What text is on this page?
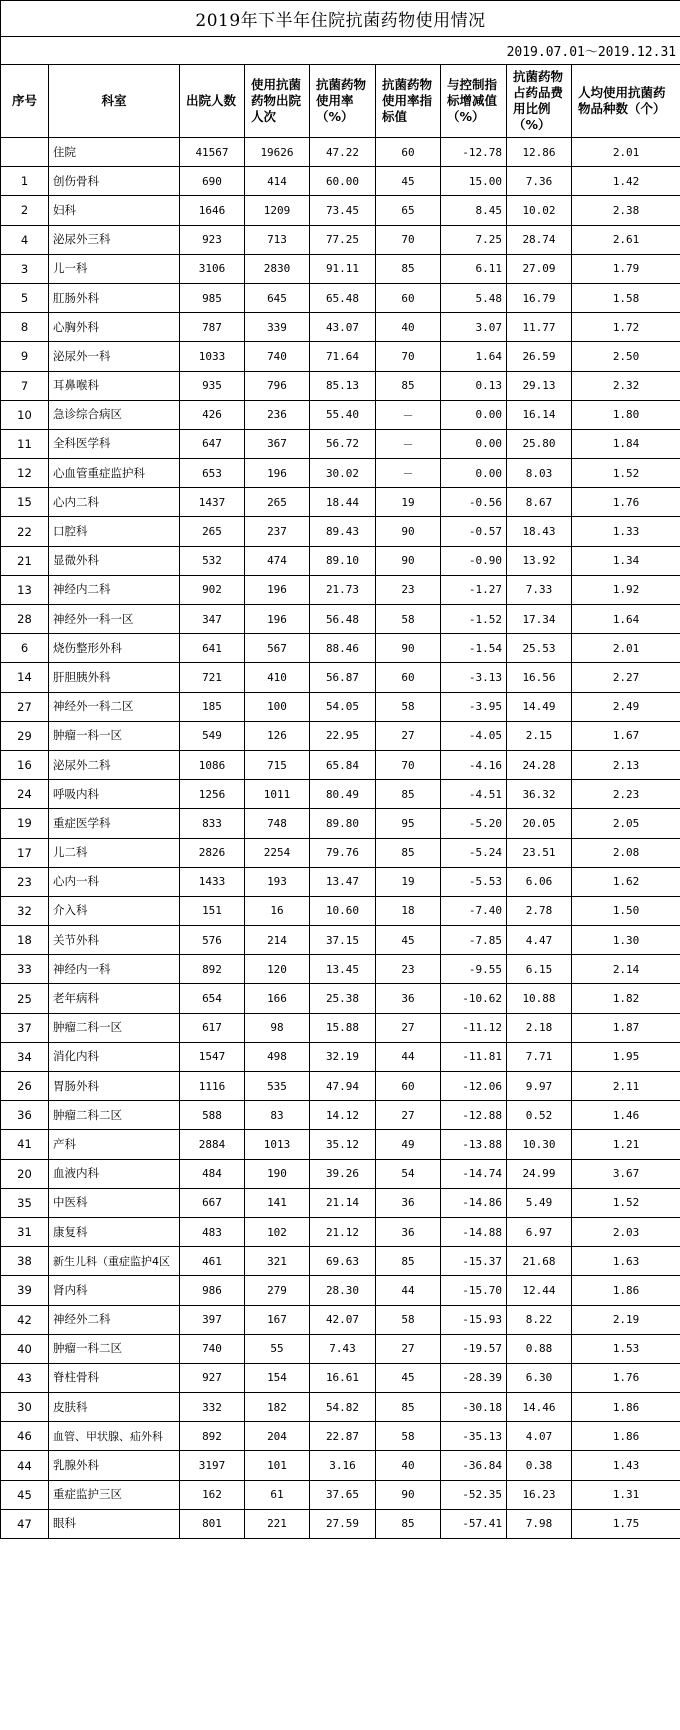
2019年下半年住院抗菌药物使用情况								
2019.07.01～2019.12.31								
序号	科室	出院人数	使用抗菌药物出院人次	抗菌药物使用率（%）	抗菌药物使用率指标值	与控制指标增减值（%）	抗菌药物占药品费用比例（%）	人均使用抗菌药物品种数（个）
	住院	41567	19626	47.22	60	-12.78	12.86	2.01
1	创伤骨科	690	414	60.00	45	15.00	7.36	1.42
2	妇科	1646	1209	73.45	65	8.45	10.02	2.38
4	泌尿外三科	923	713	77.25	70	7.25	28.74	2.61
3	儿一科	3106	2830	91.11	85	6.11	27.09	1.79
5	肛肠外科	985	645	65.48	60	5.48	16.79	1.58
8	心胸外科	787	339	43.07	40	3.07	11.77	1.72
9	泌尿外一科	1033	740	71.64	70	1.64	26.59	2.50
7	耳鼻喉科	935	796	85.13	85	0.13	29.13	2.32
10	急诊综合病区	426	236	55.40	－	0.00	16.14	1.80
11	全科医学科	647	367	56.72	－	0.00	25.80	1.84
12	心血管重症监护科	653	196	30.02	－	0.00	8.03	1.52
15	心内二科	1437	265	18.44	19	-0.56	8.67	1.76
22	口腔科	265	237	89.43	90	-0.57	18.43	1.33
21	显微外科	532	474	89.10	90	-0.90	13.92	1.34
13	神经内二科	902	196	21.73	23	-1.27	7.33	1.92
28	神经外一科一区	347	196	56.48	58	-1.52	17.34	1.64
6	烧伤整形外科	641	567	88.46	90	-1.54	25.53	2.01
14	肝胆胰外科	721	410	56.87	60	-3.13	16.56	2.27
27	神经外一科二区	185	100	54.05	58	-3.95	14.49	2.49
29	肿瘤一科一区	549	126	22.95	27	-4.05	2.15	1.67
16	泌尿外二科	1086	715	65.84	70	-4.16	24.28	2.13
24	呼吸内科	1256	1011	80.49	85	-4.51	36.32	2.23
19	重症医学科	833	748	89.80	95	-5.20	20.05	2.05
17	儿二科	2826	2254	79.76	85	-5.24	23.51	2.08
23	心内一科	1433	193	13.47	19	-5.53	6.06	1.62
32	介入科	151	16	10.60	18	-7.40	2.78	1.50
18	关节外科	576	214	37.15	45	-7.85	4.47	1.30
33	神经内一科	892	120	13.45	23	-9.55	6.15	2.14
25	老年病科	654	166	25.38	36	-10.62	10.88	1.82
37	肿瘤二科一区	617	98	15.88	27	-11.12	2.18	1.87
34	消化内科	1547	498	32.19	44	-11.81	7.71	1.95
26	胃肠外科	1116	535	47.94	60	-12.06	9.97	2.11
36	肿瘤二科二区	588	83	14.12	27	-12.88	0.52	1.46
41	产科	2884	1013	35.12	49	-13.88	10.30	1.21
20	血液内科	484	190	39.26	54	-14.74	24.99	3.67
35	中医科	667	141	21.14	36	-14.86	5.49	1.52
31	康复科	483	102	21.12	36	-14.88	6.97	2.03
38	新生儿科（重症监护4区	461	321	69.63	85	-15.37	21.68	1.63
39	肾内科	986	279	28.30	44	-15.70	12.44	1.86
42	神经外二科	397	167	42.07	58	-15.93	8.22	2.19
40	肿瘤一科二区	740	55	7.43	27	-19.57	0.88	1.53
43	脊柱骨科	927	154	16.61	45	-28.39	6.30	1.76
30	皮肤科	332	182	54.82	85	-30.18	14.46	1.86
46	血管、甲状腺、疝外科	892	204	22.87	58	-35.13	4.07	1.86
44	乳腺外科	3197	101	3.16	40	-36.84	0.38	1.43
45	重症监护三区	162	61	37.65	90	-52.35	16.23	1.31
47	眼科	801	221	27.59	85	-57.41	7.98	1.75
